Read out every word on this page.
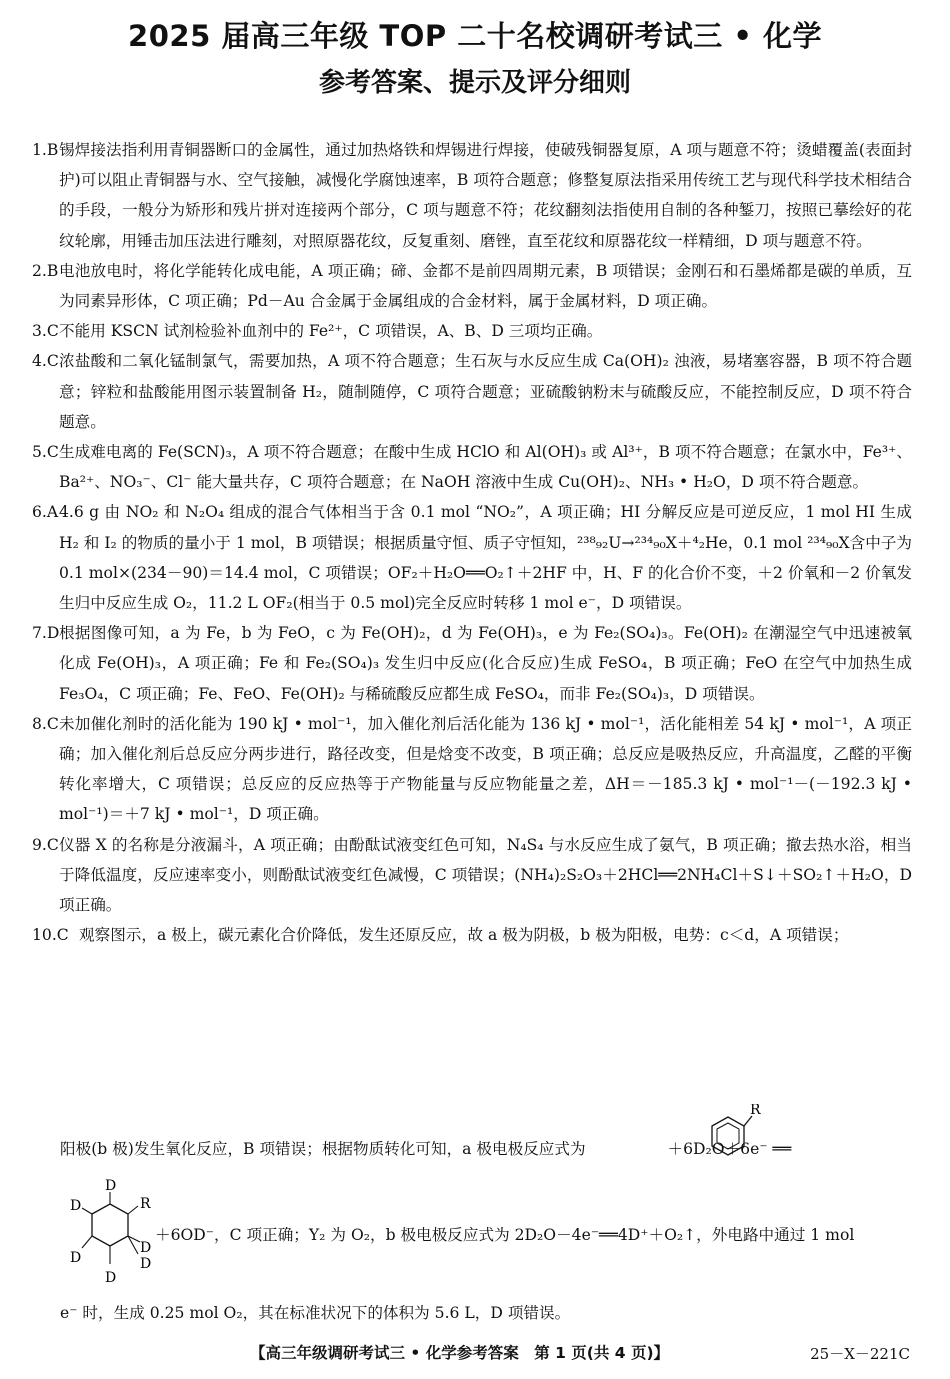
2025 届高三年级 TOP 二十名校调研考试三 • 化学
参考答案、提示及评分细则
1.B 锡焊接法指利用青铜器断口的金属性，通过加热烙铁和焊锡进行焊接，使破残铜器复原，A 项与题意不符；烫蜡覆盖(表面封护)可以阻止青铜器与水、空气接触，减慢化学腐蚀速率，B 项符合题意；修整复原法指采用传统工艺与现代科学技术相结合的手段，一般分为矫形和残片拼对连接两个部分，C 项与题意不符；花纹翻刻法指使用自制的各种錾刀，按照已摹绘好的花纹轮廓，用锤击加压法进行雕刻，对照原器花纹，反复重刻、磨锉，直至花纹和原器花纹一样精细，D 项与题意不符。
2.B 电池放电时，将化学能转化成电能，A 项正确；碲、金都不是前四周期元素，B 项错误；金刚石和石墨烯都是碳的单质，互为同素异形体，C 项正确；Pd－Au 合金属于金属组成的合金材料，属于金属材料，D 项正确。
3.C 不能用 KSCN 试剂检验补血剂中的 Fe²⁺，C 项错误，A、B、D 三项均正确。
4.C 浓盐酸和二氧化锰制氯气，需要加热，A 项不符合题意；生石灰与水反应生成 Ca(OH)₂ 浊液，易堵塞容器，B 项不符合题意；锌粒和盐酸能用图示装置制备 H₂，随制随停，C 项符合题意；亚硫酸钠粉末与硫酸反应，不能控制反应，D 项不符合题意。
5.C 生成难电离的 Fe(SCN)₃，A 项不符合题意；在酸中生成 HClO 和 Al(OH)₃ 或 Al³⁺，B 项不符合题意；在氯水中，Fe³⁺、Ba²⁺、NO₃⁻、Cl⁻ 能大量共存，C 项符合题意；在 NaOH 溶液中生成 Cu(OH)₂、NH₃ • H₂O，D 项不符合题意。
6.A 4.6 g 由 NO₂ 和 N₂O₄ 组成的混合气体相当于含 0.1 mol “NO₂”，A 项正确；HI 分解反应是可逆反应，1 mol HI 生成 H₂ 和 I₂ 的物质的量小于 1 mol，B 项错误；根据质量守恒、质子守恒知，²³⁸₉₂U→²³⁴₉₀X＋⁴₂He，0.1 mol ²³⁴₉₀X含中子为 0.1 mol×(234－90)＝14.4 mol，C 项错误；OF₂＋H₂O══O₂↑＋2HF 中，H、F 的化合价不变，＋2 价氧和－2 价氧发生归中反应生成 O₂，11.2 L OF₂(相当于 0.5 mol)完全反应时转移 1 mol e⁻，D 项错误。
7.D 根据图像可知，a 为 Fe，b 为 FeO，c 为 Fe(OH)₂，d 为 Fe(OH)₃，e 为 Fe₂(SO₄)₃。Fe(OH)₂ 在潮湿空气中迅速被氧化成 Fe(OH)₃，A 项正确；Fe 和 Fe₂(SO₄)₃ 发生归中反应(化合反应)生成 FeSO₄，B 项正确；FeO 在空气中加热生成 Fe₃O₄，C 项正确；Fe、FeO、Fe(OH)₂ 与稀硫酸反应都生成 FeSO₄，而非 Fe₂(SO₄)₃，D 项错误。
8.C 未加催化剂时的活化能为 190 kJ • mol⁻¹，加入催化剂后活化能为 136 kJ • mol⁻¹，活化能相差 54 kJ • mol⁻¹，A 项正确；加入催化剂后总反应分两步进行，路径改变，但是焓变不改变，B 项正确；总反应是吸热反应，升高温度，乙醛的平衡转化率增大，C 项错误；总反应的反应热等于产物能量与反应物能量之差，ΔH＝－185.3 kJ • mol⁻¹－(－192.3 kJ • mol⁻¹)＝＋7 kJ • mol⁻¹，D 项正确。
9.C 仪器 X 的名称是分液漏斗，A 项正确；由酚酞试液变红色可知，N₄S₄ 与水反应生成了氨气，B 项正确；撤去热水浴，相当于降低温度，反应速率变小，则酚酞试液变红色减慢，C 项错误；(NH₄)₂S₂O₃＋2HCl══2NH₄Cl＋S↓＋SO₂↑＋H₂O，D 项正确。
10.C 观察图示，a 极上，碳元素化合价降低，发生还原反应，故 a 极为阴极，b 极为阳极，电势：c＜d，A 项错误；
阳极(b 极)发生氧化反应，B 项错误；根据物质转化可知，a 极电极反应式为	＋6D₂O＋6e⁻ ══
R
D
D	R
D
D	D
D
＋6OD⁻，C 项正确；Y₂ 为 O₂，b 极电极反应式为 2D₂O－4e⁻══4D⁺＋O₂↑，外电路中通过 1 mol
e⁻ 时，生成 0.25 mol O₂，其在标准状况下的体积为 5.6 L，D 项错误。
【高三年级调研考试三 • 化学参考答案　第 1 页(共 4 页)】	25－X－221C
